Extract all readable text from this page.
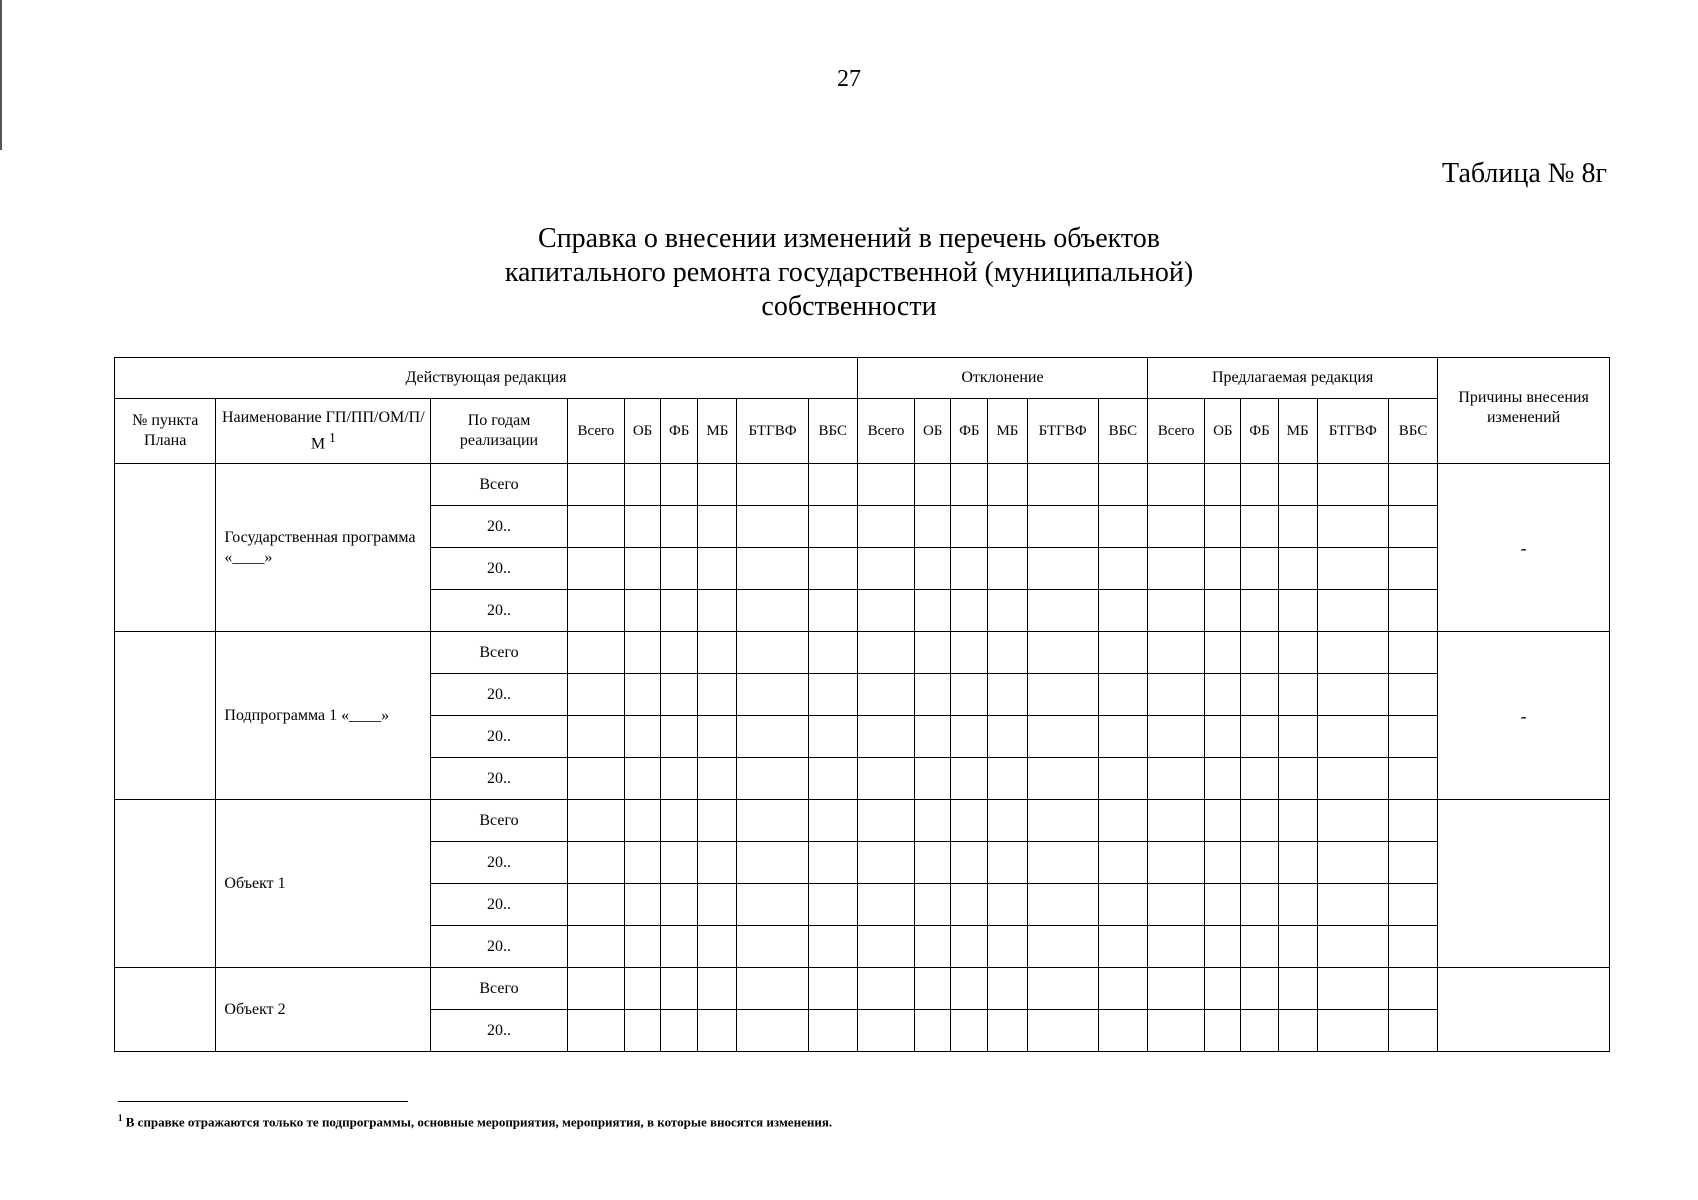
27
Таблица № 8г
Справка о внесении изменений в перечень объектов
капитального ремонта государственной (муниципальной)
собственности
Действующая редакция									Отклонение						Предлагаемая редакция						Причины внесения изменений
№ пункта Плана	Наименование ГП/ПП/ОМ/П/М $^1$	По годам реализации	Всего	ОБ	ФБ	МБ	БТГВФ	ВБС	Всего	ОБ	ФБ	МБ	БТГВФ	ВБС	Всего	ОБ	ФБ	МБ	БТГВФ	ВБС	
	Государственная программа «____»	Всего																			-
		20..																			
		20..																			
		20..																			
	Подпрограмма 1 «____»	Всего																			-
		20..																			
		20..																			
		20..																			
	Объект 1	Всего																			
		20..																			
		20..																			
		20..																			
	Объект 2	Всего																			
		20..																			
$^1$ В справке отражаются только те подпрограммы, основные мероприятия, мероприятия, в которые вносятся изменения.
